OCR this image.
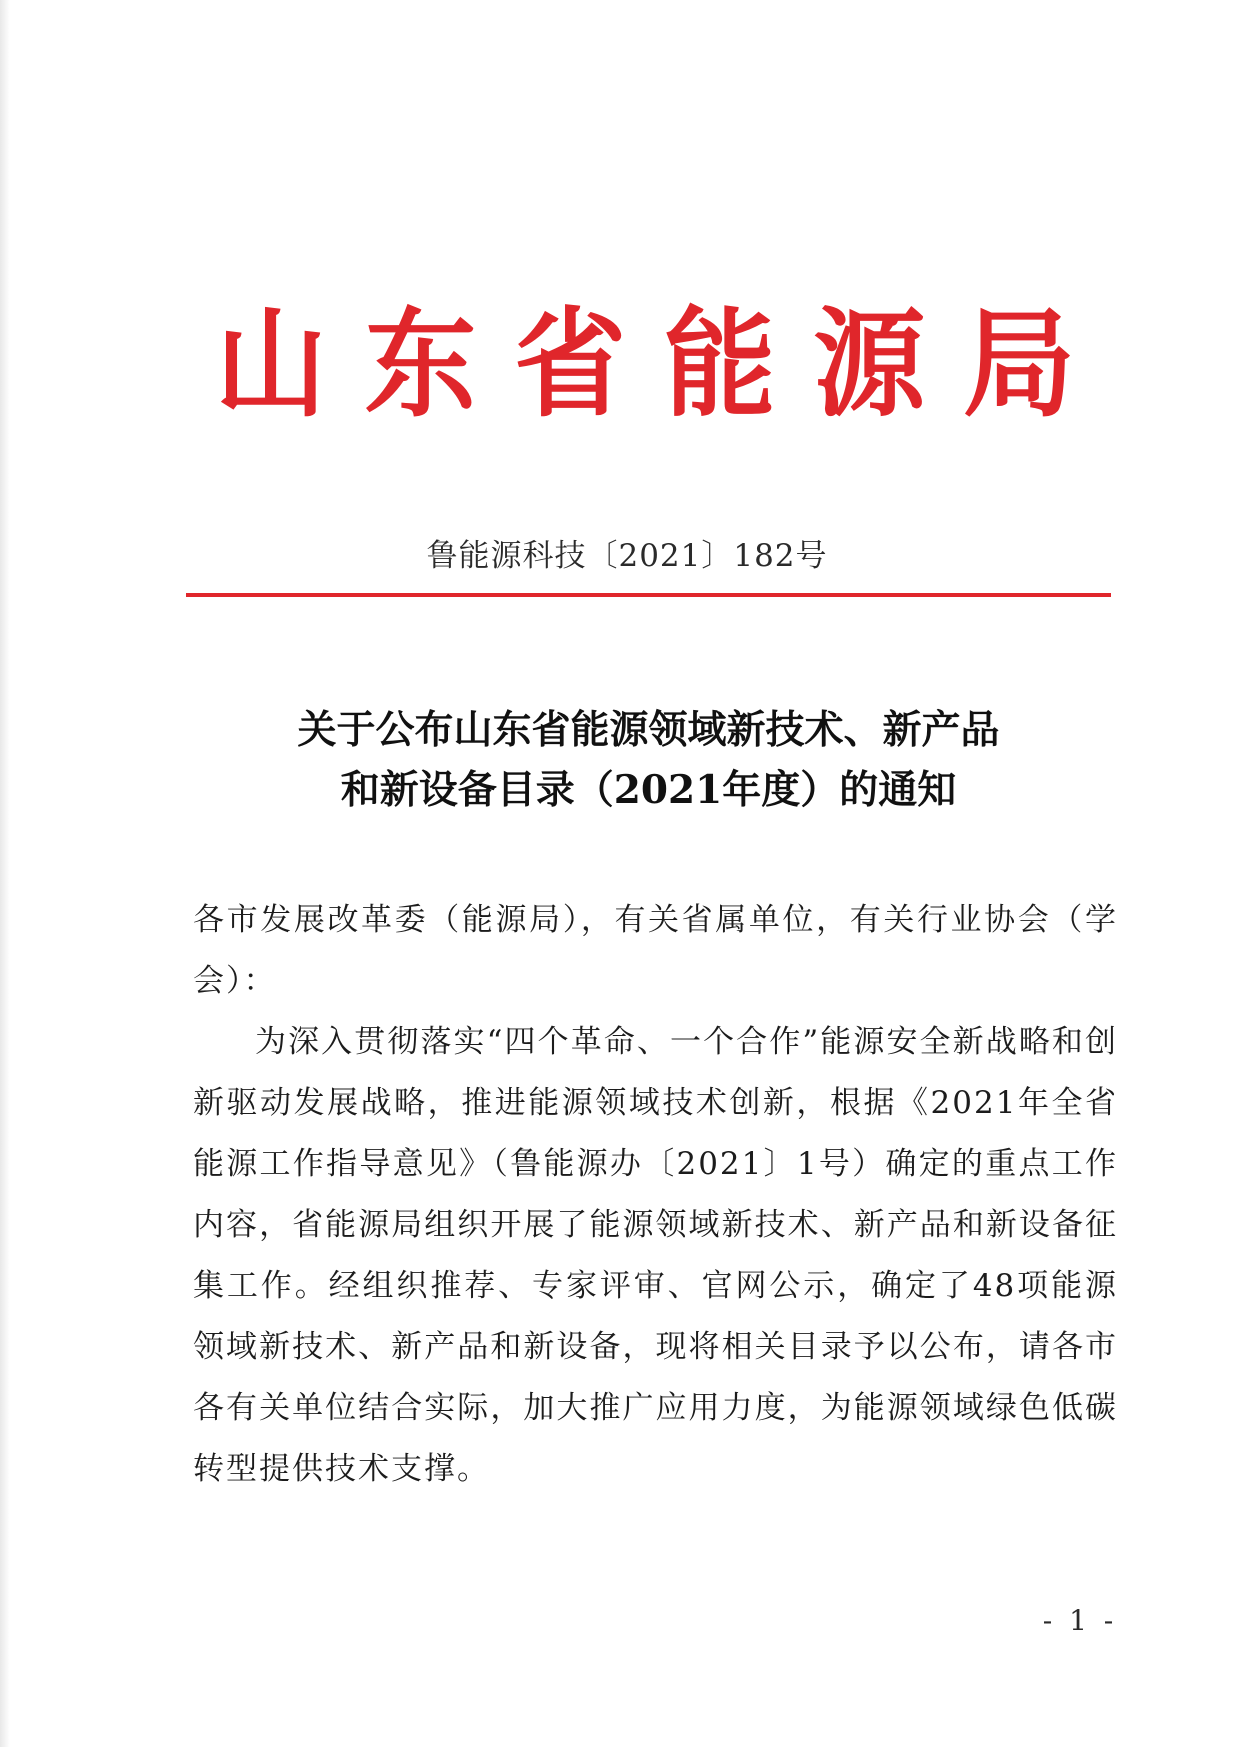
山 东 省 能 源 局
鲁能源科技〔2021〕182号
关于公布山东省能源领域新技术、新产品
和新设备目录（2021年度）的通知
各市发展改革委（能源局），有关省属单位，有关行业协会（学会）：
为深入贯彻落实“四个革命、一个合作”能源安全新战略和创新驱动发展战略，推进能源领域技术创新，根据《2021年全省能源工作指导意见》（鲁能源办〔2021〕1号）确定的重点工作内容，省能源局组织开展了能源领域新技术、新产品和新设备征集工作。经组织推荐、专家评审、官网公示，确定了48项能源领域新技术、新产品和新设备，现将相关目录予以公布，请各市各有关单位结合实际，加大推广应用力度，为能源领域绿色低碳转型提供技术支撑。
- 1 -
